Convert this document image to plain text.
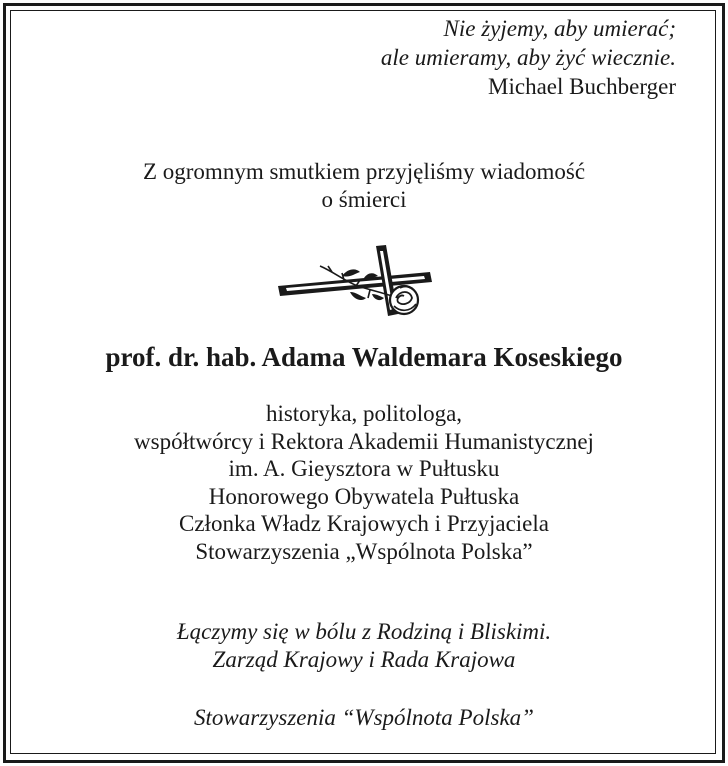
Nie żyjemy, aby umierać;
ale umieramy, aby żyć wiecznie.
Michael Buchberger
Z ogromnym smutkiem przyjęliśmy wiadomość
o śmierci
prof. dr. hab. Adama Waldemara Koseskiego
historyka, politologa,
współtwórcy i Rektora Akademii Humanistycznej
im. A. Gieysztora w Pułtusku
Honorowego Obywatela Pułtuska
Członka Władz Krajowych i Przyjaciela
Stowarzyszenia „Wspólnota Polska”
Łączymy się w bólu z Rodziną i Bliskimi.
Zarząd Krajowy i Rada Krajowa
Stowarzyszenia “Wspólnota Polska”
